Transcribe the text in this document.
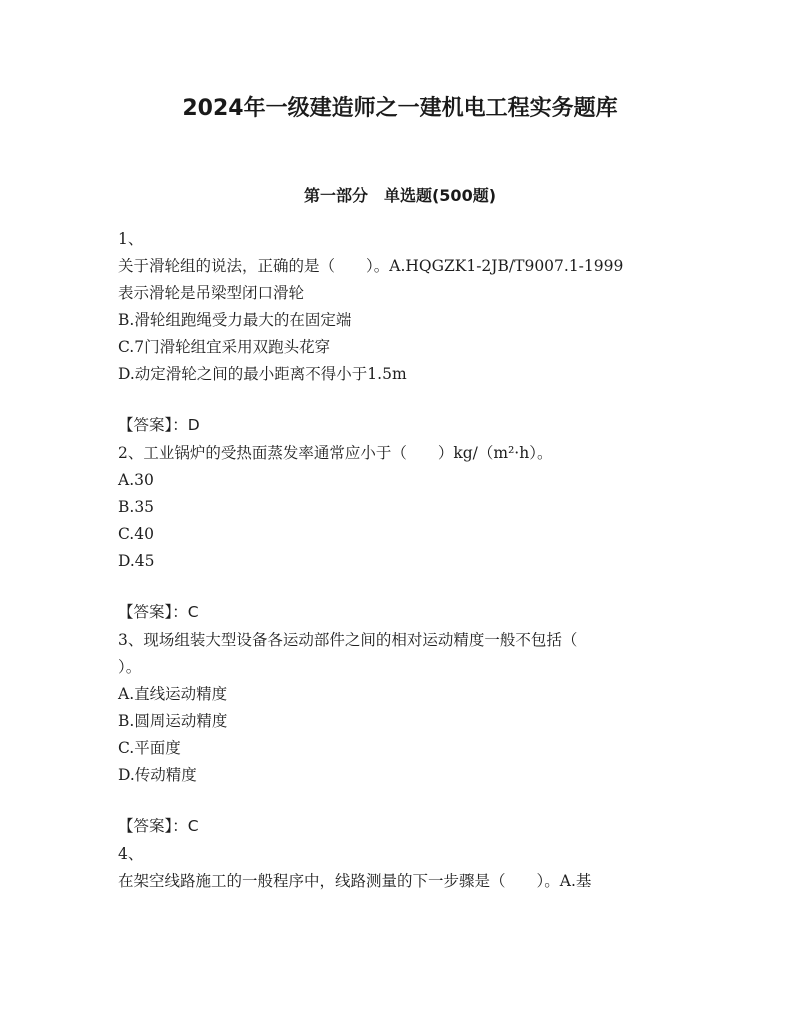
2024年一级建造师之一建机电工程实务题库
第一部分　单选题(500题)
1、
关于滑轮组的说法，正确的是（　　）。A.HQGZK1-2JB/T9007.1-1999
表示滑轮是吊梁型闭口滑轮
B.滑轮组跑绳受力最大的在固定端
C.7门滑轮组宜采用双跑头花穿
D.动定滑轮之间的最小距离不得小于1.5m
【答案】：D
2、工业锅炉的受热面蒸发率通常应小于（　　）kg/（m²·h）。
A.30
B.35
C.40
D.45
【答案】：C
3、现场组装大型设备各运动部件之间的相对运动精度一般不包括（
）。
A.直线运动精度
B.圆周运动精度
C.平面度
D.传动精度
【答案】：C
4、
在架空线路施工的一般程序中，线路测量的下一步骤是（　　）。A.基
